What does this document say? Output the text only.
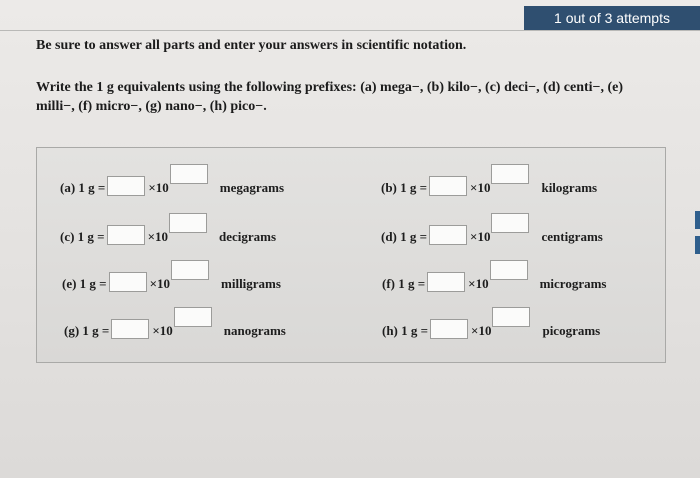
1 out of 3 attempts
Be sure to answer all parts and enter your answers in scientific notation.
Write the 1 g equivalents using the following prefixes: (a) mega−, (b) kilo−, (c) deci−, (d) centi−, (e) milli−, (f) micro−, (g) nano−, (h) pico−.
(a) 1 g =	×10	megagrams	(b) 1 g =	×10	kilograms
(c) 1 g =	×10	decigrams	(d) 1 g =	×10	centigrams
(e) 1 g =	×10	milligrams	(f) 1 g =	×10	micrograms
(g) 1 g =	×10	nanograms	(h) 1 g =	×10	picograms
